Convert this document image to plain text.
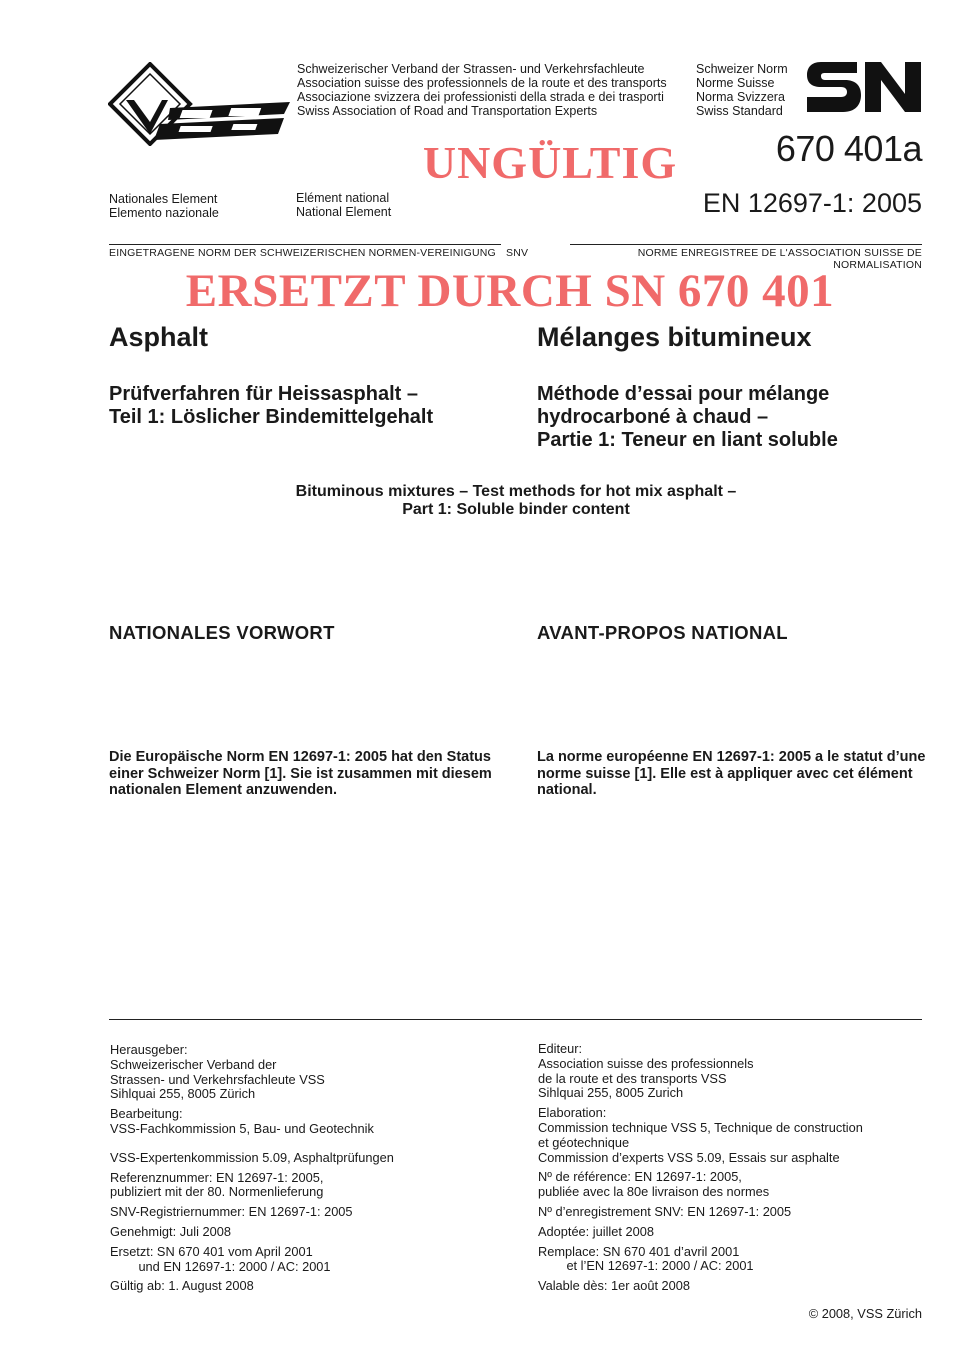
Schweizerischer Verband der Strassen- und Verkehrsfachleute
Association suisse des professionnels de la route et des transports
Associazione svizzera dei professionisti della strada e dei trasporti
Swiss Association of Road and Transportation Experts
Schweizer Norm
Norme Suisse
Norma Svizzera
Swiss Standard
670 401a
UNGÜLTIG
EN 12697-1: 2005
Nationales Element
Elemento nazionale
Elément national
National Element
EINGETRAGENE NORM DER SCHWEIZERISCHEN NORMEN-VEREINIGUNG SNV	NORME ENREGISTREE DE L'ASSOCIATION SUISSE DE NORMALISATION
ERSETZT DURCH SN 670 401
Asphalt	Mélanges bitumineux
Prüfverfahren für Heissasphalt –
Teil 1: Löslicher Bindemittelgehalt
Méthode d’essai pour mélange
hydrocarboné à chaud –
Partie 1: Teneur en liant soluble
Bituminous mixtures – Test methods for hot mix asphalt –
Part 1: Soluble binder content
NATIONALES VORWORT	AVANT-PROPOS NATIONAL
Die Europäische Norm EN 12697-1: 2005 hat den Status
einer Schweizer Norm [1]. Sie ist zusammen mit diesem
nationalen Element anzuwenden.
La norme européenne EN 12697-1: 2005 a le statut d’une
norme suisse [1]. Elle est à appliquer avec cet élément
national.

Herausgeber:

Schweizerischer Verband der

Strassen- und Verkehrsfachleute VSS

Sihlquai 255, 8005 Zürich

Bearbeitung:

VSS-Fachkommission 5, Bau- und Geotechnik

VSS-Expertenkommission 5.09, Asphaltprüfungen

Referenznummer: EN 12697-1: 2005,

publiziert mit der 80. Normenlieferung

SNV-Registriernummer: EN 12697-1: 2005

Genehmigt: Juli 2008

Ersetzt: SN 670 401 vom April 2001

und EN 12697-1: 2000 / AC: 2001

Gültig ab: 1. August 2008

Editeur:

Association suisse des professionnels

de la route et des transports VSS

Sihlquai 255, 8005 Zurich

Elaboration:

Commission technique VSS 5, Technique de construction

et géotechnique

Commission d’experts VSS 5.09, Essais sur asphalte

Nº de référence: EN 12697-1: 2005,

publiée avec la 80e livraison des normes

Nº d’enregistrement SNV: EN 12697-1: 2005

Adoptée: juillet 2008

Remplace: SN 670 401 d’avril 2001

et l’EN 12697-1: 2000 / AC: 2001

Valable dès: 1er août 2008

© 2008, VSS Zürich
